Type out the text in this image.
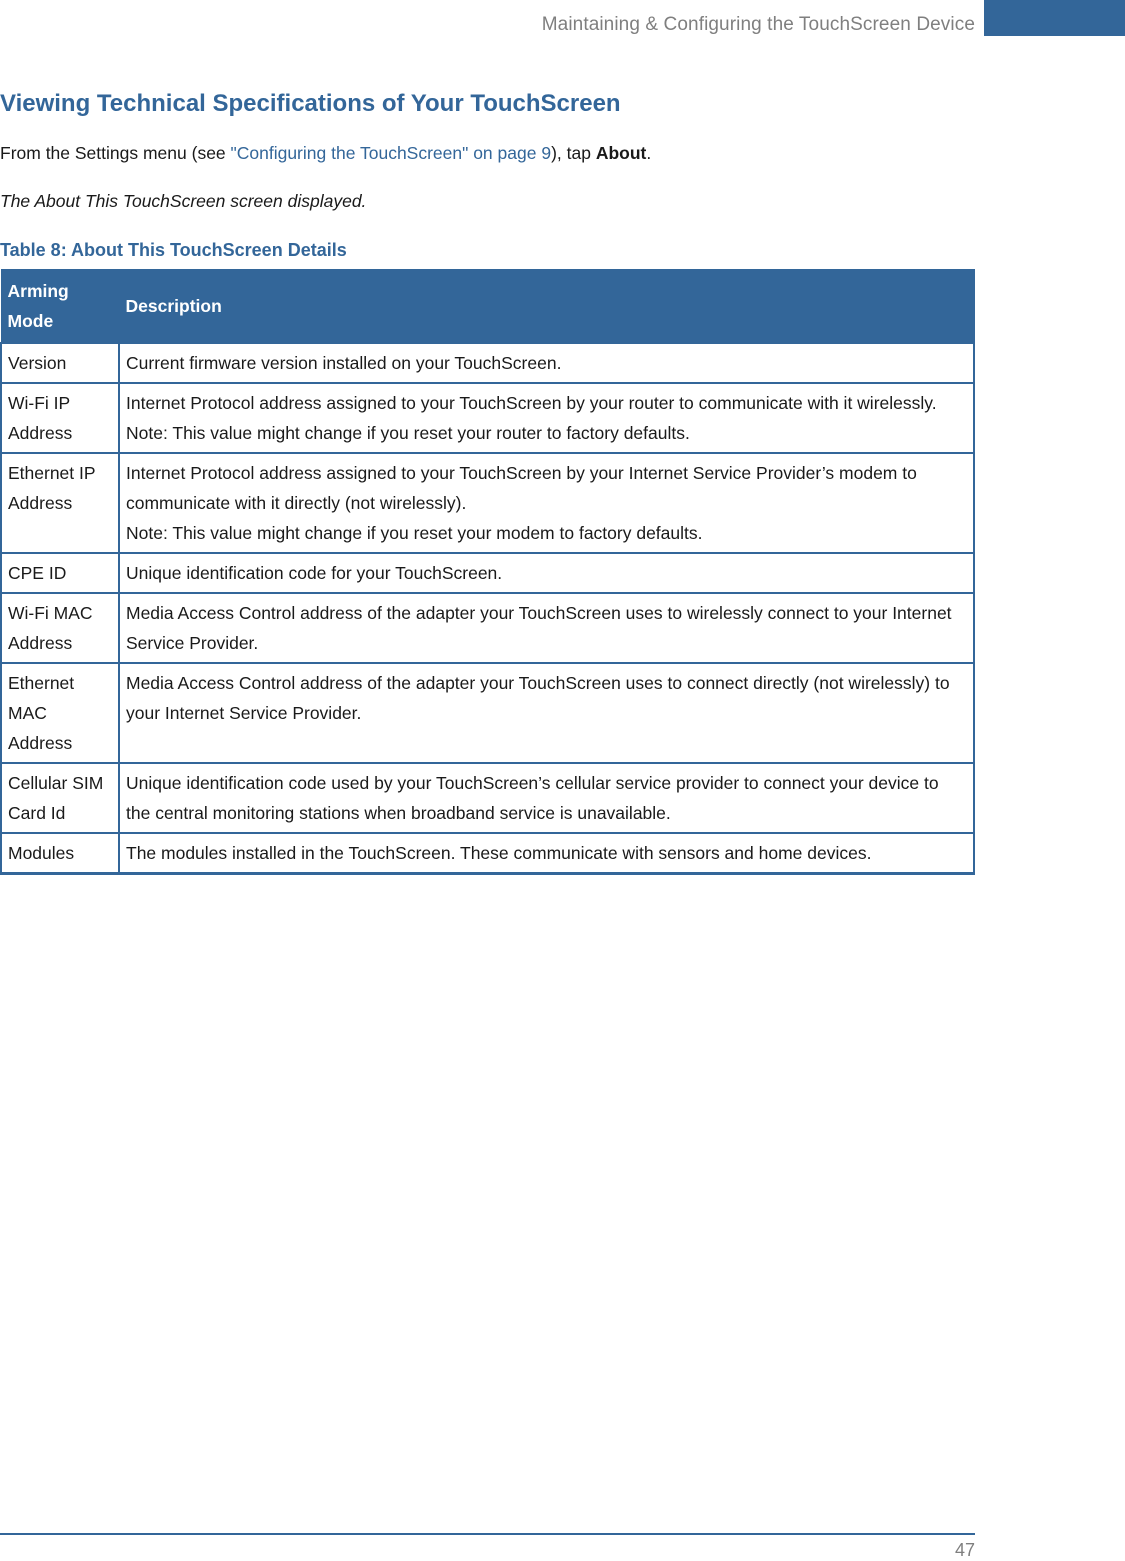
Maintaining & Configuring the TouchScreen Device
Viewing Technical Specifications of Your TouchScreen

From the Settings menu (see "Configuring the TouchScreen" on page 9), tap About.

The About This TouchScreen screen displayed.

Table 8: About This TouchScreen Details

Arming Mode	Description
Version	Current firmware version installed on your TouchScreen.

Wi-Fi IP Address	Internet Protocol address assigned to your TouchScreen by your router to communicate with it wirelessly.
Note: This value might change if you reset your router to factory defaults.

Ethernet IP Address	Internet Protocol address assigned to your TouchScreen by your Internet Service Provider’s modem to communicate with it directly (not wirelessly).
Note: This value might change if you reset your modem to factory defaults.

CPE ID	Unique identification code for your TouchScreen.

Wi-Fi MAC Address	Media Access Control address of the adapter your TouchScreen uses to wirelessly connect to your Internet Service Provider.

Ethernet MAC Address	Media Access Control address of the adapter your TouchScreen uses to connect directly (not wirelessly) to your Internet Service Provider.

Cellular SIM Card Id	Unique identification code used by your TouchScreen’s cellular service provider to connect your device to the central monitoring stations when broadband service is unavailable.

Modules	The modules installed in the TouchScreen. These communicate with sensors and home devices.
47
